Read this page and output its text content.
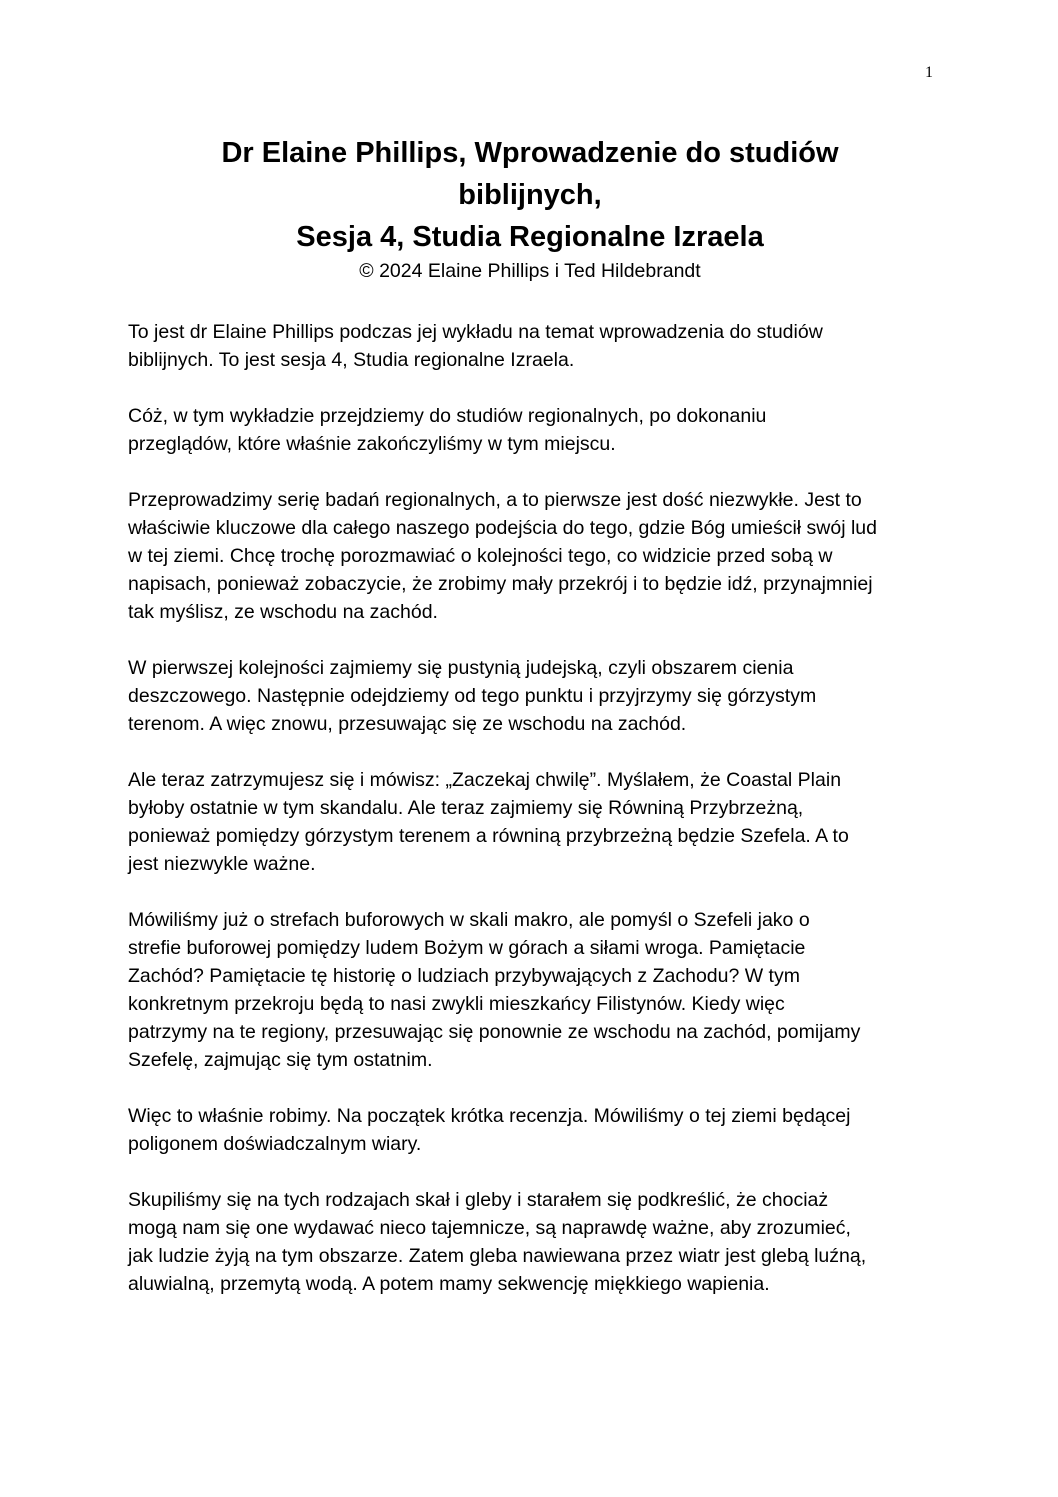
1

Dr Elaine Phillips, Wprowadzenie do studiów

biblijnych,

Sesja 4, Studia Regionalne Izraela

© 2024 Elaine Phillips i Ted Hildebrandt

To jest dr Elaine Phillips podczas jej wykładu na temat wprowadzenia do studiów
biblijnych. To jest sesja 4, Studia regionalne Izraela.

Cóż, w tym wykładzie przejdziemy do studiów regionalnych, po dokonaniu
przeglądów, które właśnie zakończyliśmy w tym miejscu.

Przeprowadzimy serię badań regionalnych, a to pierwsze jest dość niezwykłe. Jest to
właściwie kluczowe dla całego naszego podejścia do tego, gdzie Bóg umieścił swój lud
w tej ziemi. Chcę trochę porozmawiać o kolejności tego, co widzicie przed sobą w
napisach, ponieważ zobaczycie, że zrobimy mały przekrój i to będzie idź, przynajmniej
tak myślisz, ze wschodu na zachód.

W pierwszej kolejności zajmiemy się pustynią judejską, czyli obszarem cienia
deszczowego. Następnie odejdziemy od tego punktu i przyjrzymy się górzystym
terenom. A więc znowu, przesuwając się ze wschodu na zachód.

Ale teraz zatrzymujesz się i mówisz: „Zaczekaj chwilę”. Myślałem, że Coastal Plain
byłoby ostatnie w tym skandalu. Ale teraz zajmiemy się Równiną Przybrzeżną,
ponieważ pomiędzy górzystym terenem a równiną przybrzeżną będzie Szefela. A to
jest niezwykle ważne.

Mówiliśmy już o strefach buforowych w skali makro, ale pomyśl o Szefeli jako o
strefie buforowej pomiędzy ludem Bożym w górach a siłami wroga. Pamiętacie
Zachód? Pamiętacie tę historię o ludziach przybywających z Zachodu? W tym
konkretnym przekroju będą to nasi zwykli mieszkańcy Filistynów. Kiedy więc
patrzymy na te regiony, przesuwając się ponownie ze wschodu na zachód, pomijamy
Szefelę, zajmując się tym ostatnim.

Więc to właśnie robimy. Na początek krótka recenzja. Mówiliśmy o tej ziemi będącej
poligonem doświadczalnym wiary.

Skupiliśmy się na tych rodzajach skał i gleby i starałem się podkreślić, że chociaż
mogą nam się one wydawać nieco tajemnicze, są naprawdę ważne, aby zrozumieć,
jak ludzie żyją na tym obszarze. Zatem gleba nawiewana przez wiatr jest glebą luźną,
aluwialną, przemytą wodą. A potem mamy sekwencję miękkiego wapienia.
